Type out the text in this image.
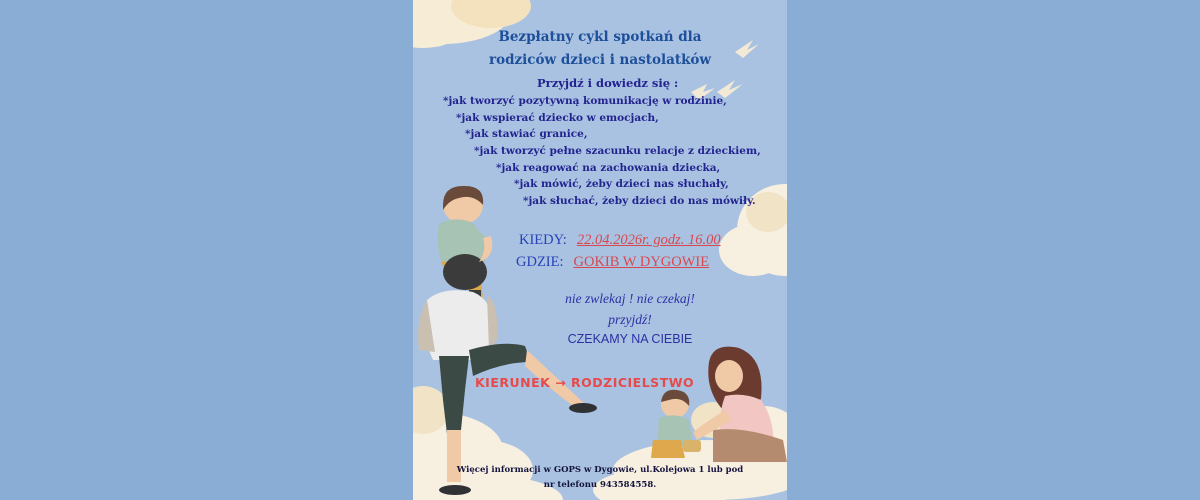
Bezpłatny cykl spotkań dla
rodziców dzieci i nastolatków
Przyjdź i dowiedz się :
*jak tworzyć pozytywną komunikację w rodzinie,
*jak wspierać dziecko w emocjach,
*jak stawiać granice,
*jak tworzyć pełne szacunku relacje z dzieckiem,
*jak reagować na zachowania dziecka,
*jak mówić, żeby dzieci nas słuchały,
*jak słuchać, żeby dzieci do nas mówiły.
KIEDY: 22.04.2026r. godz. 16.00
GDZIE: GOKIB W DYGOWIE
nie zwlekaj ! nie czekaj!
przyjdź!
CZEKAMY NA CIEBIE
KIERUNEK → RODZICIELSTWO
Więcej informacji w GOPS w Dygowie, ul.Kolejowa 1 lub pod
nr telefonu 943584558.
